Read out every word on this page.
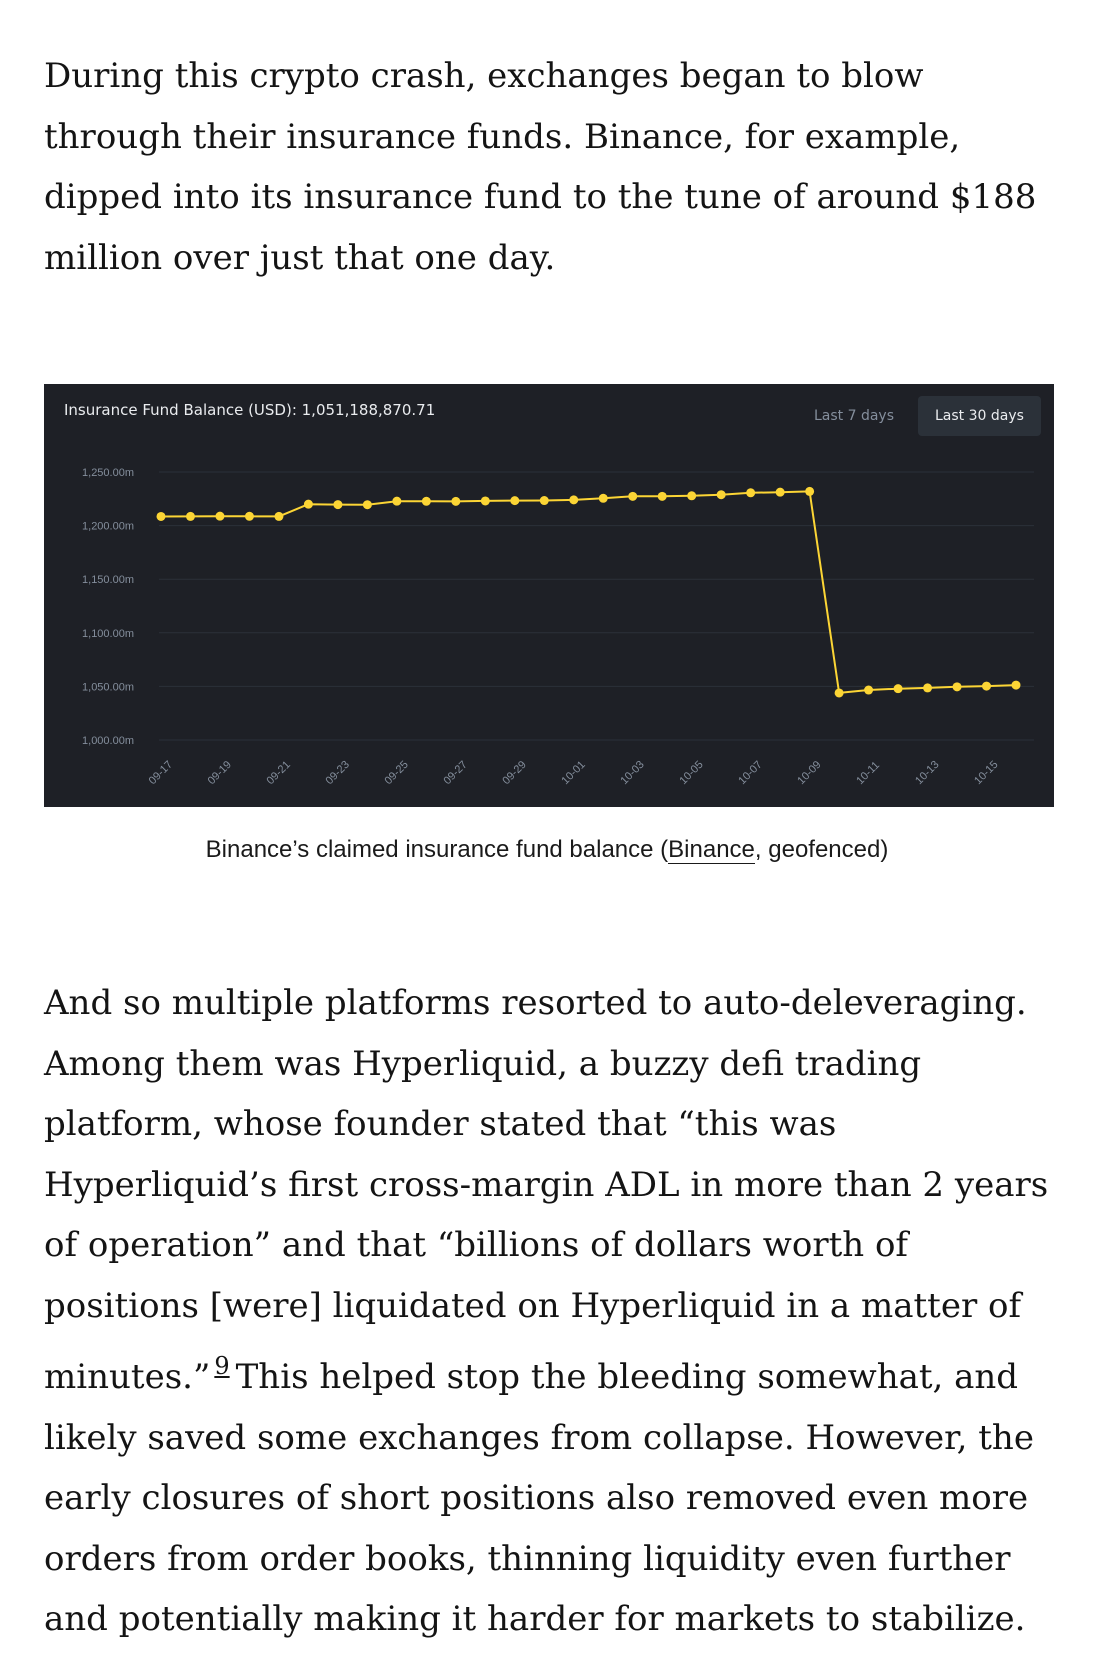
During this crypto crash, exchanges began to blow through their insurance funds. Binance, for example, dipped into its insurance fund to the tune of around $188 million over just that one day.

1,000.00m
1,050.00m
1,100.00m
1,150.00m
1,200.00m
1,250.00m
09-17	09-19	09-21	09-23	09-25	09-27	09-29	10-01	10-03	10-05	10-07	10-09	10-11	10-13	10-15
Insurance Fund Balance (USD): 1,051,188,870.71	Last 7 days	Last 30 days
Binance’s claimed insurance fund balance (Binance, geofenced)

And so multiple platforms resorted to auto-deleveraging. Among them was Hyperliquid, a buzzy defi trading platform, whose founder stated that “this was Hyperliquid’s first cross-margin ADL in more than 2 years of operation” and that “billions of dollars worth of positions [were] liquidated on Hyperliquid in a matter of minutes.” $^9$ This helped stop the bleeding somewhat, and likely saved some exchanges from collapse. However, the early closures of short positions also removed even more orders from order books, thinning liquidity even further and potentially making it harder for markets to stabilize.
